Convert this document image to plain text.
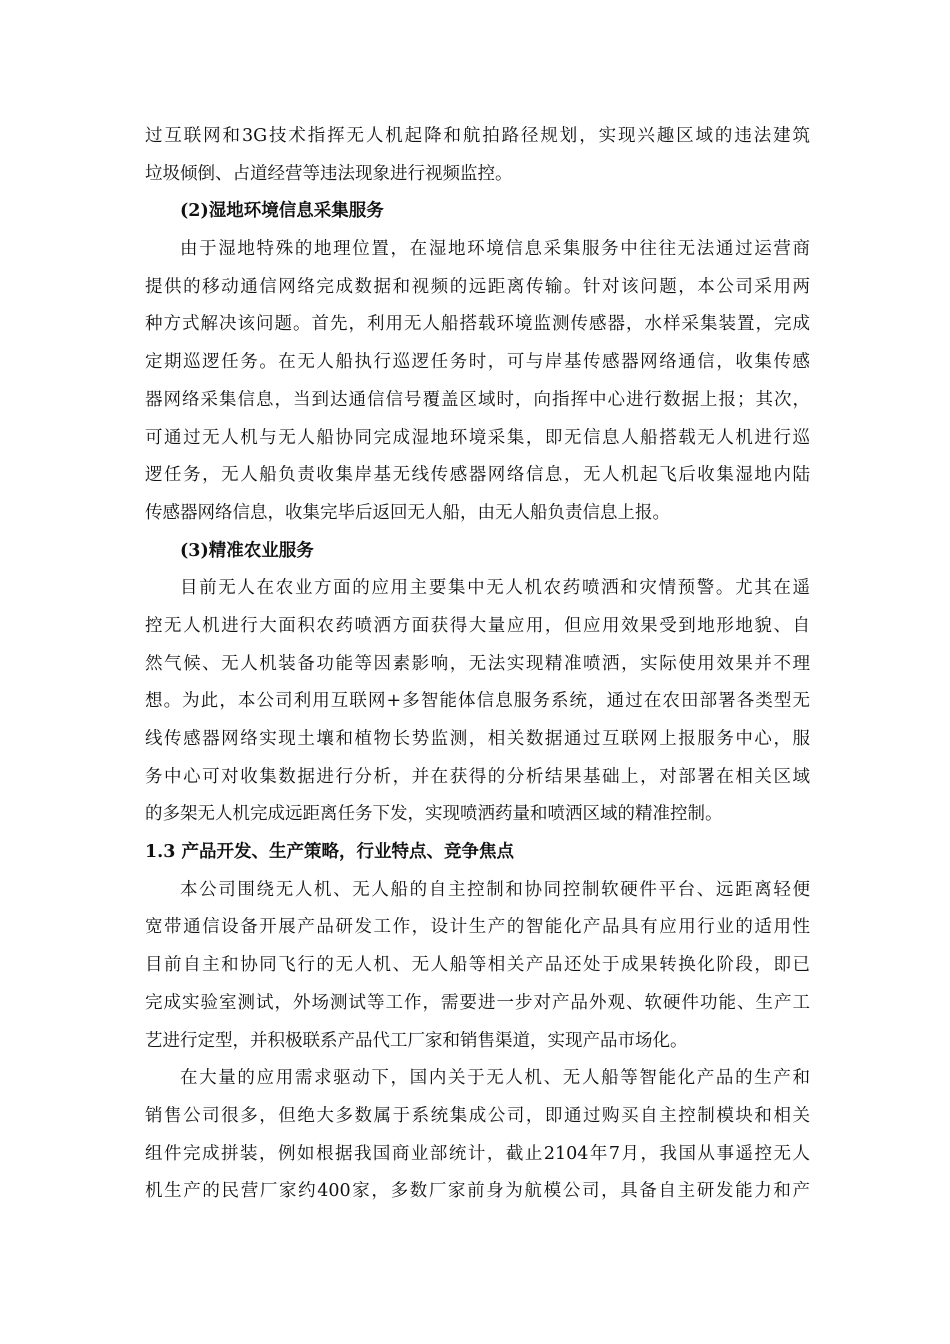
过互联网和3G技术指挥无人机起降和航拍路径规划，实现兴趣区域的违法建筑
垃圾倾倒、占道经营等违法现象进行视频监控。
(2)湿地环境信息采集服务
由于湿地特殊的地理位置，在湿地环境信息采集服务中往往无法通过运营商
提供的移动通信网络完成数据和视频的远距离传输。针对该问题，本公司采用两
种方式解决该问题。首先，利用无人船搭载环境监测传感器，水样采集装置，完成
定期巡逻任务。在无人船执行巡逻任务时，可与岸基传感器网络通信，收集传感
器网络采集信息，当到达通信信号覆盖区域时，向指挥中心进行数据上报；其次，
可通过无人机与无人船协同完成湿地环境采集，即无信息人船搭载无人机进行巡
逻任务，无人船负责收集岸基无线传感器网络信息，无人机起飞后收集湿地内陆
传感器网络信息，收集完毕后返回无人船，由无人船负责信息上报。
(3)精准农业服务
目前无人在农业方面的应用主要集中无人机农药喷洒和灾情预警。尤其在遥
控无人机进行大面积农药喷洒方面获得大量应用，但应用效果受到地形地貌、自
然气候、无人机装备功能等因素影响，无法实现精准喷洒，实际使用效果并不理
想。为此，本公司利用互联网+多智能体信息服务系统，通过在农田部署各类型无
线传感器网络实现土壤和植物长势监测，相关数据通过互联网上报服务中心，服
务中心可对收集数据进行分析，并在获得的分析结果基础上，对部署在相关区域
的多架无人机完成远距离任务下发，实现喷洒药量和喷洒区域的精准控制。
1.3 产品开发、生产策略，行业特点、竞争焦点
本公司围绕无人机、无人船的自主控制和协同控制软硬件平台、远距离轻便
宽带通信设备开展产品研发工作，设计生产的智能化产品具有应用行业的适用性
目前自主和协同飞行的无人机、无人船等相关产品还处于成果转换化阶段，即已
完成实验室测试，外场测试等工作，需要进一步对产品外观、软硬件功能、生产工
艺进行定型，并积极联系产品代工厂家和销售渠道，实现产品市场化。
在大量的应用需求驱动下，国内关于无人机、无人船等智能化产品的生产和
销售公司很多，但绝大多数属于系统集成公司，即通过购买自主控制模块和相关
组件完成拼装，例如根据我国商业部统计，截止2104年7月，我国从事遥控无人
机生产的民营厂家约400家，多数厂家前身为航模公司，具备自主研发能力和产
